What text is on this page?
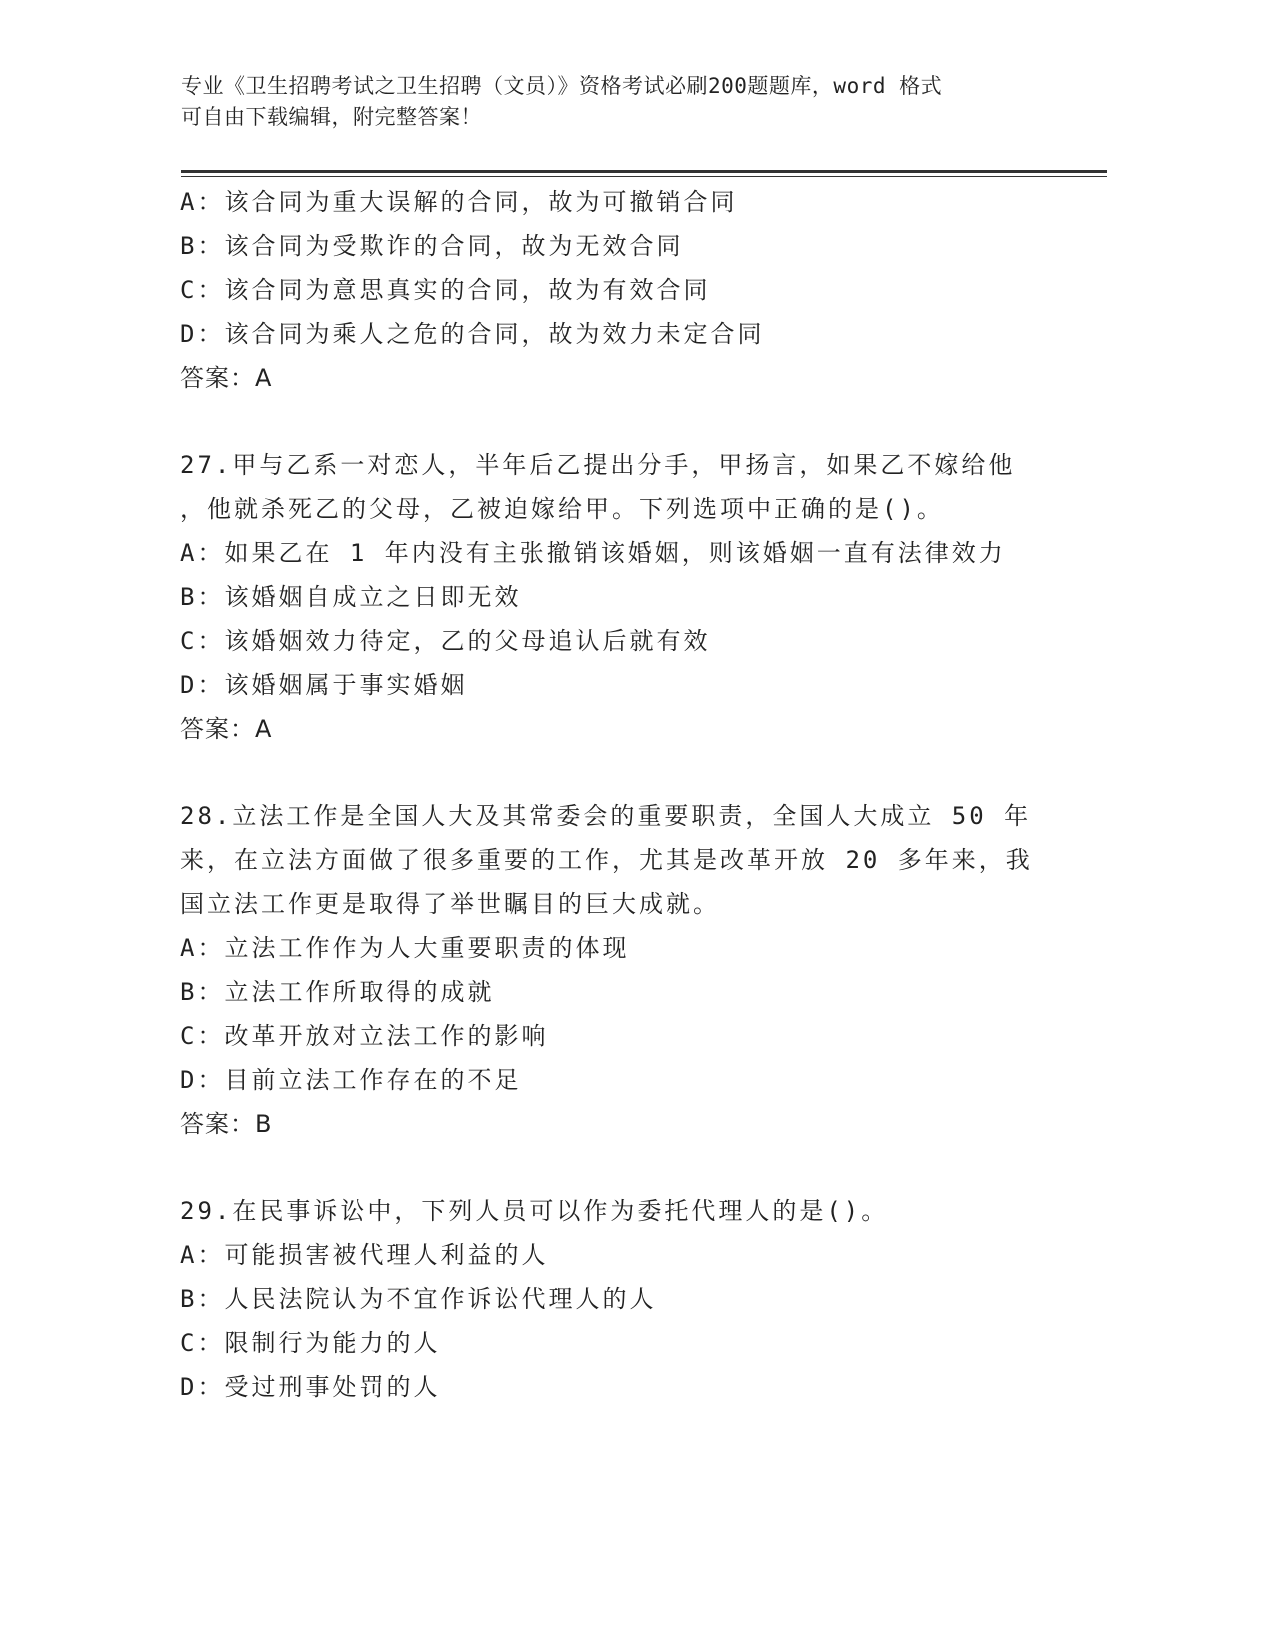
专业《卫生招聘考试之卫生招聘（文员）》资格考试必刷200题题库，word 格式
可自由下载编辑，附完整答案！
A：该合同为重大误解的合同，故为可撤销合同
B：该合同为受欺诈的合同，故为无效合同
C：该合同为意思真实的合同，故为有效合同
D：该合同为乘人之危的合同，故为效力未定合同
答案：A
27.甲与乙系一对恋人，半年后乙提出分手，甲扬言，如果乙不嫁给他
，他就杀死乙的父母，乙被迫嫁给甲。下列选项中正确的是()。
A：如果乙在 1 年内没有主张撤销该婚姻，则该婚姻一直有法律效力
B：该婚姻自成立之日即无效
C：该婚姻效力待定，乙的父母追认后就有效
D：该婚姻属于事实婚姻
答案：A
28.立法工作是全国人大及其常委会的重要职责，全国人大成立 50 年
来，在立法方面做了很多重要的工作，尤其是改革开放 20 多年来，我
国立法工作更是取得了举世瞩目的巨大成就。
A：立法工作作为人大重要职责的体现
B：立法工作所取得的成就
C：改革开放对立法工作的影响
D：目前立法工作存在的不足
答案：B
29.在民事诉讼中，下列人员可以作为委托代理人的是()。
A：可能损害被代理人利益的人
B：人民法院认为不宜作诉讼代理人的人
C：限制行为能力的人
D：受过刑事处罚的人
